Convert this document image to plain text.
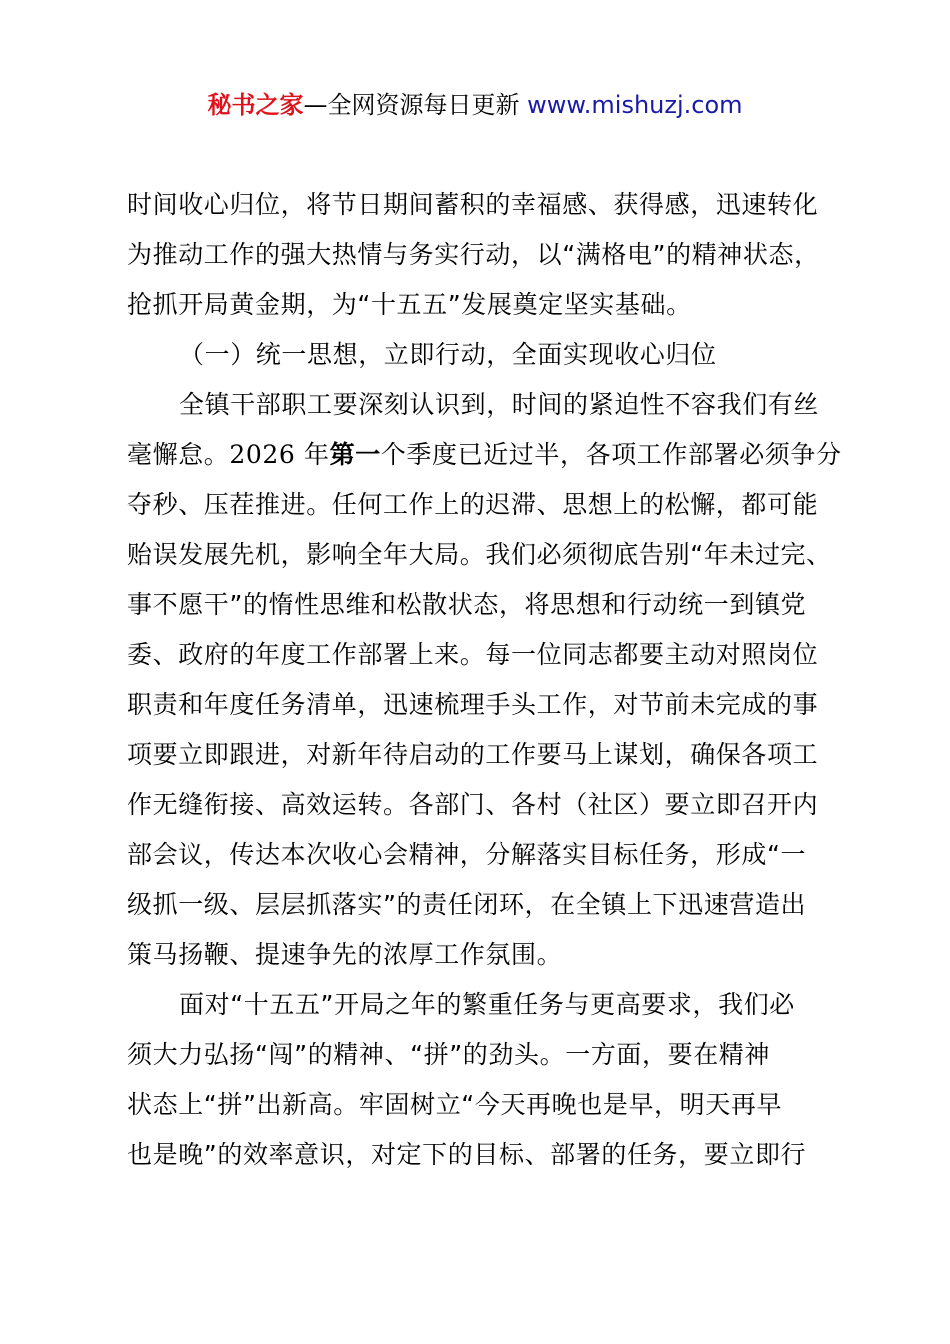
秘书之家—全网资源每日更新 www.mishuzj.com
时间收心归位，将节日期间蓄积的幸福感、获得感，迅速转化
为推动工作的强大热情与务实行动，以“满格电”的精神状态，
抢抓开局黄金期，为“十五五”发展奠定坚实基础。
（一）统一思想，立即行动，全面实现收心归位
全镇干部职工要深刻认识到，时间的紧迫性不容我们有丝
毫懈怠。2026 年第一个季度已近过半，各项工作部署必须争分
夺秒、压茬推进。任何工作上的迟滞、思想上的松懈，都可能
贻误发展先机，影响全年大局。我们必须彻底告别“年未过完、
事不愿干”的惰性思维和松散状态，将思想和行动统一到镇党
委、政府的年度工作部署上来。每一位同志都要主动对照岗位
职责和年度任务清单，迅速梳理手头工作，对节前未完成的事
项要立即跟进，对新年待启动的工作要马上谋划，确保各项工
作无缝衔接、高效运转。各部门、各村（社区）要立即召开内
部会议，传达本次收心会精神，分解落实目标任务，形成“一
级抓一级、层层抓落实”的责任闭环，在全镇上下迅速营造出
策马扬鞭、提速争先的浓厚工作氛围。
面对“十五五”开局之年的繁重任务与更高要求，我们必
须大力弘扬“闯”的精神、“拼”的劲头。一方面，要在精神
状态上“拼”出新高。牢固树立“今天再晚也是早，明天再早
也是晚”的效率意识，对定下的目标、部署的任务，要立即行
